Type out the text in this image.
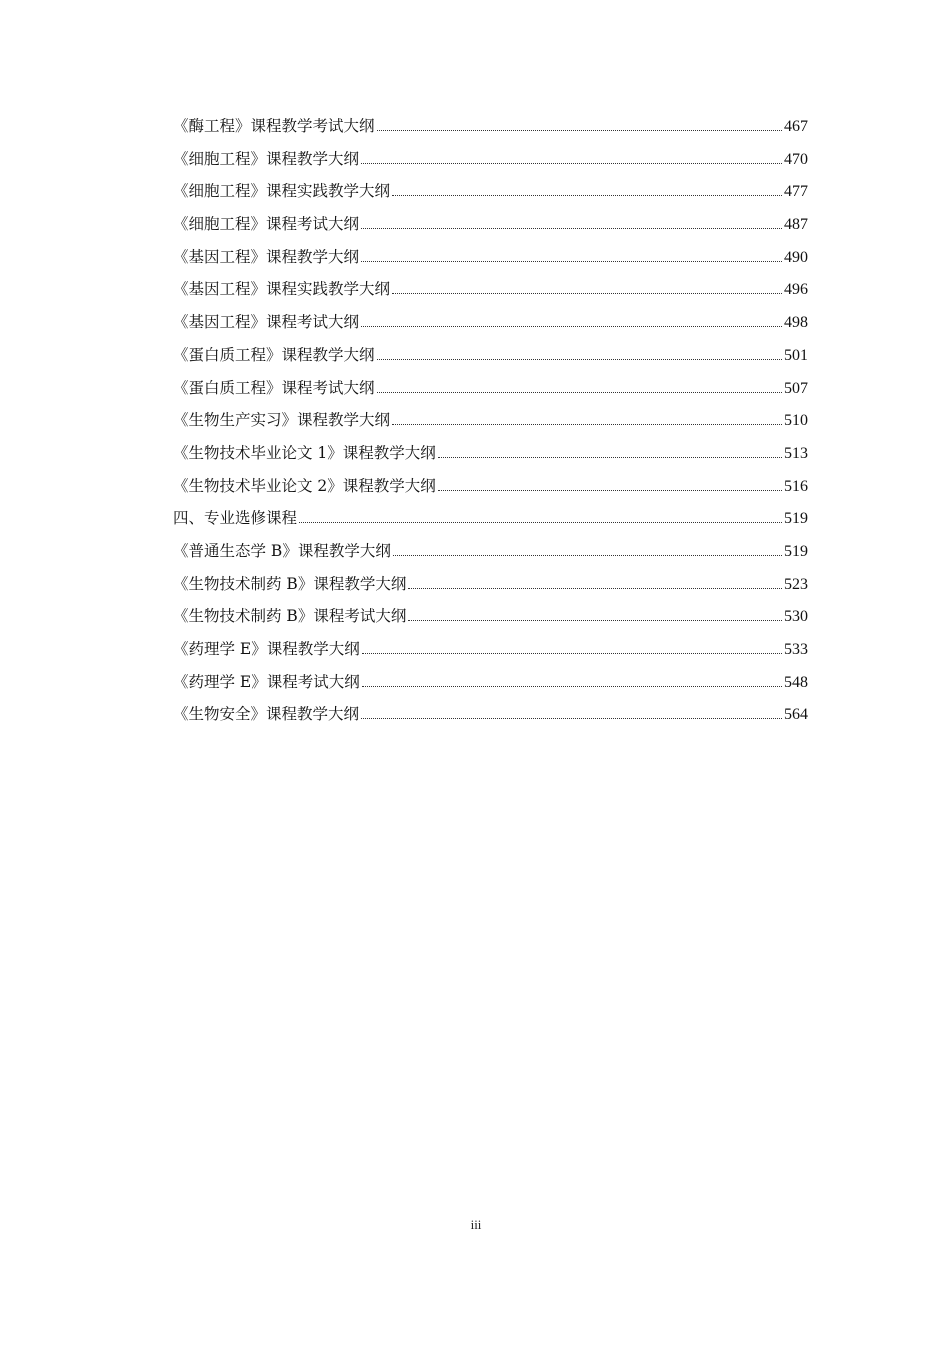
《酶工程》课程教学考试大纲	467
《细胞工程》课程教学大纲	470
《细胞工程》课程实践教学大纲	477
《细胞工程》课程考试大纲	487
《基因工程》课程教学大纲	490
《基因工程》课程实践教学大纲	496
《基因工程》课程考试大纲	498
《蛋白质工程》课程教学大纲	501
《蛋白质工程》课程考试大纲	507
《生物生产实习》课程教学大纲	510
《生物技术毕业论文 1》课程教学大纲	513
《生物技术毕业论文 2》课程教学大纲	516
四、专业选修课程	519
《普通生态学 B》课程教学大纲	519
《生物技术制药 B》课程教学大纲	523
《生物技术制药 B》课程考试大纲	530
《药理学 E》课程教学大纲	533
《药理学 E》课程考试大纲	548
《生物安全》课程教学大纲	564
iii
